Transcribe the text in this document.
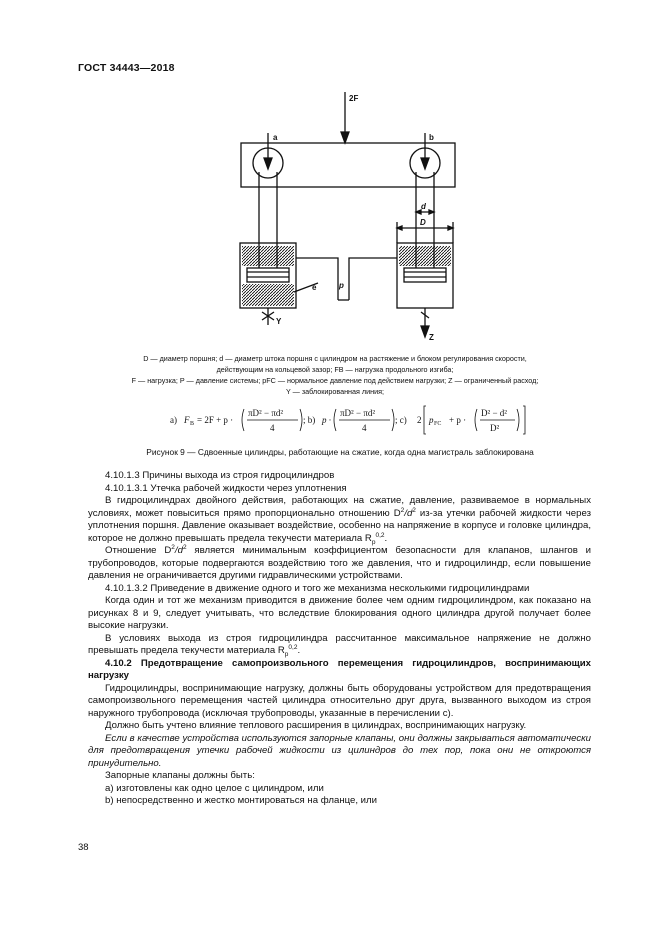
ГОСТ 34443—2018
2F
a	b
d
D
e	p
Y
Z
D — диаметр поршня; d — диаметр штока поршня с цилиндром на растяжение и блоком регулирования скорости,
действующим на кольцевой зазор; FВ — нагрузка продольного изгиба;
F — нагрузка; P — давление системы; pFC — нормальное давление под действием нагрузки; Z — ограниченный расход;
Y — заблокированная линия;
a) F B = 2F + p ·
πD² − πd²
4
; b) p ·
πD² − πd²
4
; c) 2 p FC + p ·
D² − d²
D²
Рисунок 9 — Сдвоенные цилиндры, работающие на сжатие, когда одна магистраль заблокирована

4.10.1.3 Причины выхода из строя гидроцилиндров

4.10.1.3.1 Утечка рабочей жидкости через уплотнения

В гидроцилиндрах двойного действия, работающих на сжатие, давление, развиваемое в нормальных условиях, может повыситься прямо пропорционально отношению $D^2/d^2$ из-за утечки рабочей жидкости через уплотнения поршня. Давление оказывает воздействие, особенно на напряжение в корпусе и головке цилиндра, которое не должно превышать предела текучести материала $R_p^{0,2}$.

Отношение $D^2/d^2$ является минимальным коэффициентом безопасности для клапанов, шлангов и трубопроводов, которые подвергаются воздействию того же давления, что и гидроцилиндр, если повышение давления не ограничивается другими гидравлическими устройствами.

4.10.1.3.2 Приведение в движение одного и того же механизма несколькими гидроцилиндрами

Когда один и тот же механизм приводится в движение более чем одним гидроцилиндром, как показано на рисунках 8 и 9, следует учитывать, что вследствие блокирования одного цилиндра другой получает более высокие нагрузки.

В условиях выхода из строя гидроцилиндра рассчитанное максимальное напряжение не должно превышать предела текучести материала $R_p^{0,2}$.

4.10.2 Предотвращение самопроизвольного перемещения гидроцилиндров, воспринимающих нагрузку

Гидроцилиндры, воспринимающие нагрузку, должны быть оборудованы устройством для предотвращения самопроизвольного перемещения частей цилиндра относительно друг друга, вызванного выходом из строя наружного трубопровода (исключая трубопроводы, указанные в перечислении с).

Должно быть учтено влияние теплового расширения в цилиндрах, воспринимающих нагрузку.

Если в качестве устройства используются запорные клапаны, они должны закрываться автоматически для предотвращения утечки рабочей жидкости из цилиндров до тех пор, пока они не откроются принудительно.

Запорные клапаны должны быть:

a) изготовлены как одно целое с цилиндром, или

b) непосредственно и жестко монтироваться на фланце, или

38
